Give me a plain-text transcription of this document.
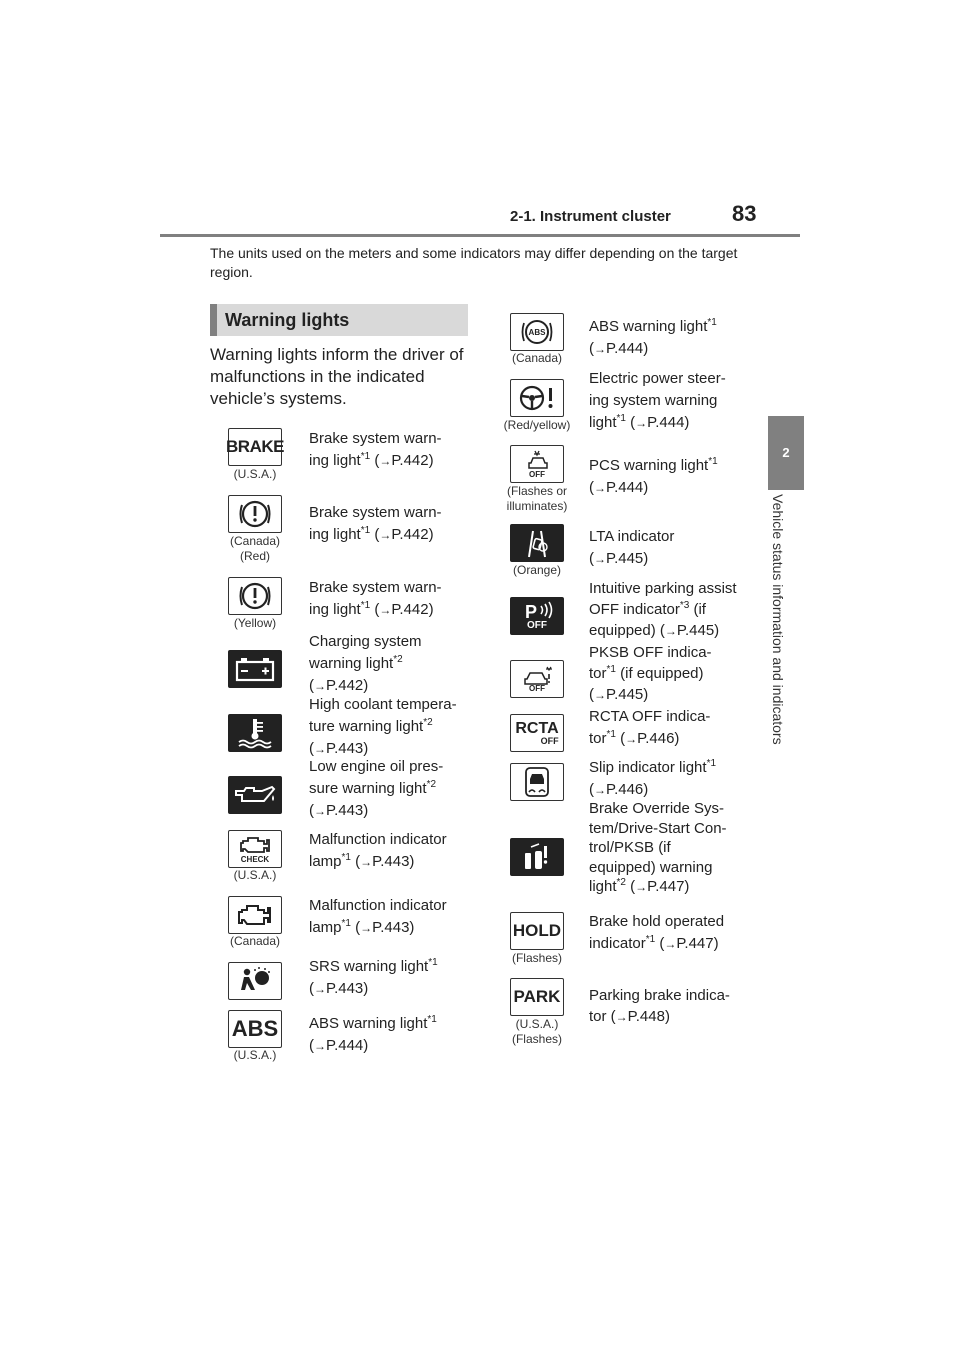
2-1. Instrument cluster	83
2
Vehicle status information and indicators
The units used on the meters and some indicators may differ depending on the target region.
Warning lights
Warning lights inform the driver of malfunctions in the indicated vehicle’s systems.
BRAKE
(U.S.A.)
Brake system warn-
ing light$^{*1}$ (→P.442)
(Canada)
(Red)
Brake system warn-
ing light$^{*1}$ (→P.442)
(Yellow)
Brake system warn-
ing light$^{*1}$ (→P.442)
Charging system
warning light$^{*2}$
(→P.442)
High coolant tempera-
ture warning light$^{*2}$
(→P.443)
Low engine oil pres-
sure warning light$^{*2}$
(→P.443)
CHECK
(U.S.A.)
Malfunction indicator
lamp$^{*1}$ (→P.443)
(Canada)
Malfunction indicator
lamp$^{*1}$ (→P.443)
SRS warning light$^{*1}$
(→P.443)
ABS
(U.S.A.)
ABS warning light$^{*1}$
(→P.444)
ABS
(Canada)
ABS warning light$^{*1}$
(→P.444)
(Red/yellow)
Electric power steer-
ing system warning
light$^{*1}$ (→P.444)
OFF
(Flashes or
illuminates)
PCS warning light$^{*1}$
(→P.444)
(Orange)
LTA indicator
(→P.445)
P
OFF
Intuitive parking assist
OFF indicator$^{*3}$ (if
equipped) (→P.445)
OFF
PKSB OFF indica-
tor$^{*1}$ (if equipped)
(→P.445)
RCTA
OFF
RCTA OFF indica-
tor$^{*1}$ (→P.446)
Slip indicator light$^{*1}$
(→P.446)
Brake Override Sys-
tem/Drive-Start Con-
trol/PKSB (if
equipped) warning
light$^{*2}$ (→P.447)
HOLD
(Flashes)
Brake hold operated
indicator$^{*1}$ (→P.447)
PARK
(U.S.A.)
(Flashes)
Parking brake indica-
tor (→P.448)
